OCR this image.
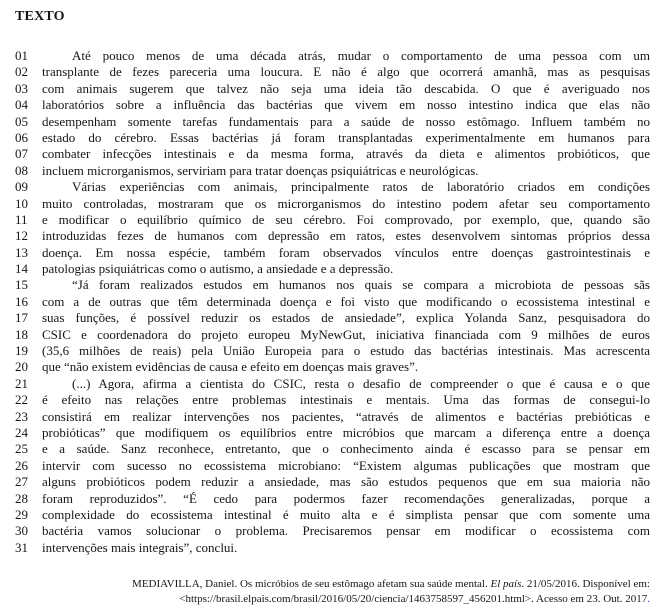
TEXTO
01	Até pouco menos de uma década atrás, mudar o comportamento de uma pessoa com um
02	transplante de fezes pareceria uma loucura. E não é algo que ocorrerá amanhã, mas as pesquisas
03	com animais sugerem que talvez não seja uma ideia tão descabida. O que é averiguado nos
04	laboratórios sobre a influência das bactérias que vivem em nosso intestino indica que elas não
05	desempenham somente tarefas fundamentais para a saúde de nosso estômago. Influem também no
06	estado do cérebro. Essas bactérias já foram transplantadas experimentalmente em humanos para
07	combater infecções intestinais e da mesma forma, através da dieta e alimentos probióticos, que
08	incluem microrganismos, serviriam para tratar doenças psiquiátricas e neurológicas.
09	Várias experiências com animais, principalmente ratos de laboratório criados em condições
10	muito controladas, mostraram que os microrganismos do intestino podem afetar seu comportamento
11	e modificar o equilíbrio químico de seu cérebro. Foi comprovado, por exemplo, que, quando são
12	introduzidas fezes de humanos com depressão em ratos, estes desenvolvem sintomas próprios dessa
13	doença. Em nossa espécie, também foram observados vínculos entre doenças gastrointestinais e
14	patologias psiquiátricas como o autismo, a ansiedade e a depressão.
15	“Já foram realizados estudos em humanos nos quais se compara a microbiota de pessoas sãs
16	com a de outras que têm determinada doença e foi visto que modificando o ecossistema intestinal e
17	suas funções, é possível reduzir os estados de ansiedade”, explica Yolanda Sanz, pesquisadora do
18	CSIC e coordenadora do projeto europeu MyNewGut, iniciativa financiada com 9 milhões de euros
19	(35,6 milhões de reais) pela União Europeia para o estudo das bactérias intestinais. Mas acrescenta
20	que “não existem evidências de causa e efeito em doenças mais graves”.
21	(...) Agora, afirma a cientista do CSIC, resta o desafio de compreender o que é causa e o que
22	é efeito nas relações entre problemas intestinais e mentais. Uma das formas de consegui-lo
23	consistirá em realizar intervenções nos pacientes, “através de alimentos e bactérias prebióticas e
24	probióticas” que modifiquem os equilíbrios entre micróbios que marcam a diferença entre a doença
25	e a saúde. Sanz reconhece, entretanto, que o conhecimento ainda é escasso para se pensar em
26	intervir com sucesso no ecossistema microbiano: “Existem algumas publicações que mostram que
27	alguns probióticos podem reduzir a ansiedade, mas são estudos pequenos que em sua maioria não
28	foram reproduzidos”. “É cedo para podermos fazer recomendações generalizadas, porque a
29	complexidade do ecossistema intestinal é muito alta e é simplista pensar que com somente uma
30	bactéria vamos solucionar o problema. Precisaremos pensar em modificar o ecossistema com
31	intervenções mais integrais”, conclui.
MEDIAVILLA, Daniel. Os micróbios de seu estômago afetam sua saúde mental. El país. 21/05/2016. Disponível em:
<https://brasil.elpais.com/brasil/2016/05/20/ciencia/1463758597_456201.html>. Acesso em 23. Out. 2017.
